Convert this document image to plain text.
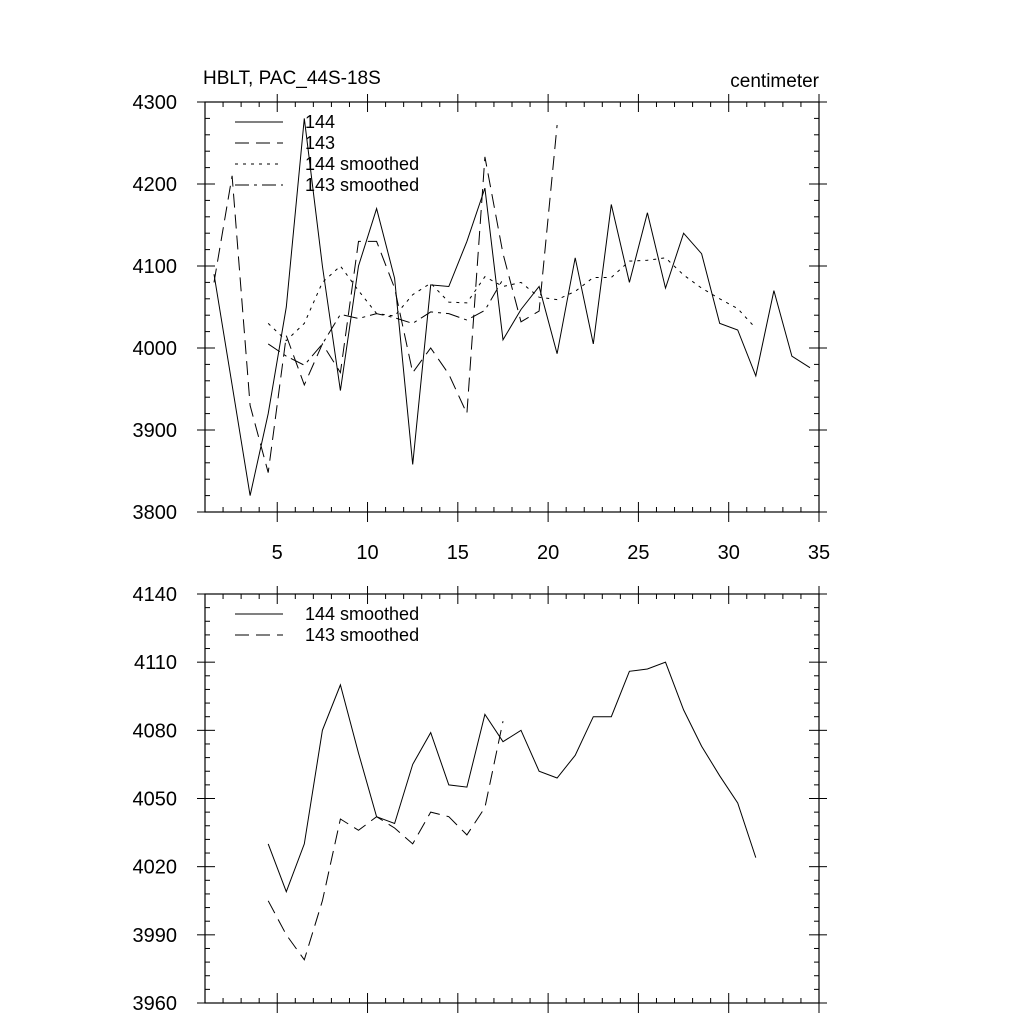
HBLT, PAC_44S-18S	centimeter
5	10	15	20	25	30	35
3800
3900
4000
4100
4200
4300
144
143
144 smoothed
143 smoothed
3960
3990
4020
4050
4080
4110
4140
144 smoothed
143 smoothed
